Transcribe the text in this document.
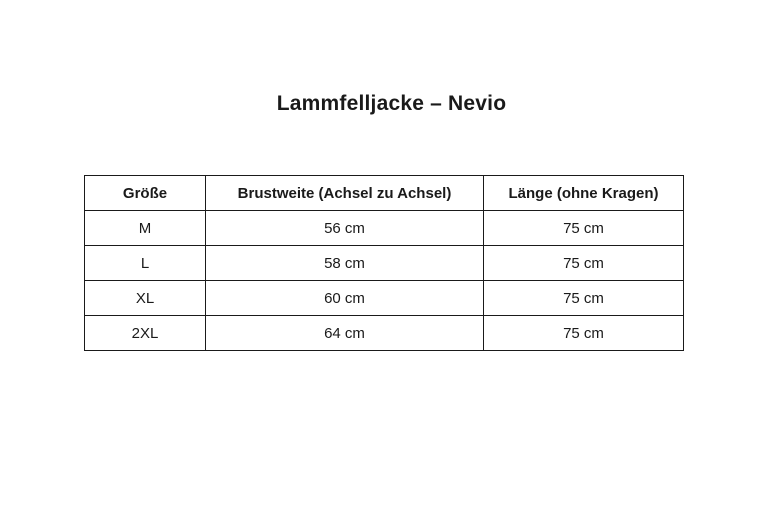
Lammfelljacke – Nevio
Größe	Brustweite (Achsel zu Achsel)	Länge (ohne Kragen)
M	56 cm	75 cm
L	58 cm	75 cm
XL	60 cm	75 cm
2XL	64 cm	75 cm
